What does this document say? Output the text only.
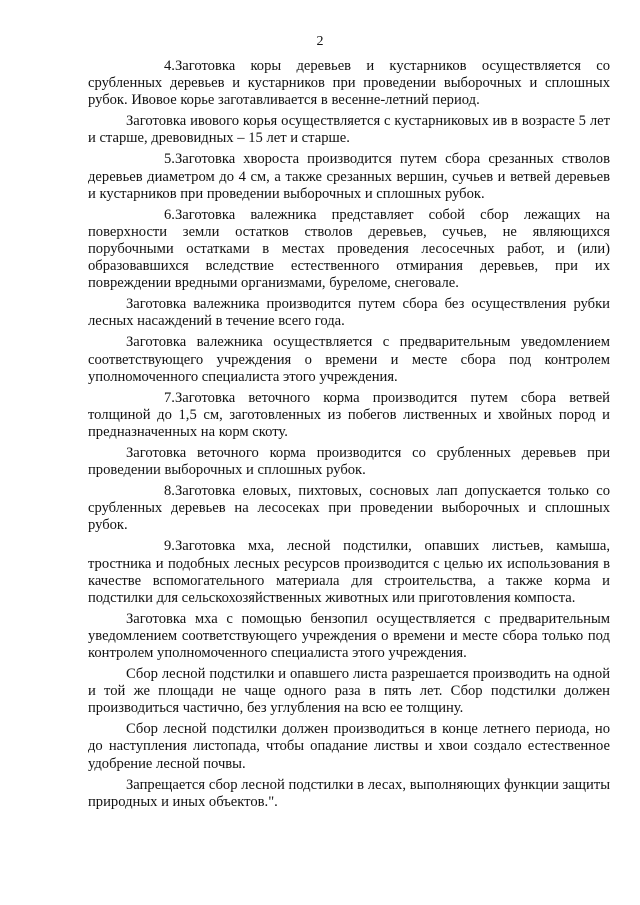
2

4.Заготовка коры деревьев и кустарников осуществляется со срубленных деревьев и кустарников при проведении выборочных и сплошных рубок. Ивовое корье заготавливается в весенне-летний период.

Заготовка ивового корья осуществляется с кустарниковых ив в возрасте 5 лет и старше, древовидных – 15 лет и старше.

5.Заготовка хвороста производится путем сбора срезанных стволов деревьев диаметром до 4 см, а также срезанных вершин, сучьев и ветвей деревьев и кустарников при проведении выборочных и сплошных рубок.

6.Заготовка валежника представляет собой сбор лежащих на поверхности земли остатков стволов деревьев, сучьев, не являющихся порубочными остатками в местах проведения лесосечных работ, и (или) образовавшихся вследствие естественного отмирания деревьев, при их повреждении вредными организмами, буреломе, снеговале.

Заготовка валежника производится путем сбора без осуществления рубки лесных насаждений в течение всего года.

Заготовка валежника осуществляется с предварительным уведомлением соответствующего учреждения о времени и месте сбора под контролем уполномоченного специалиста этого учреждения.

7.Заготовка веточного корма производится путем сбора ветвей толщиной до 1,5 см, заготовленных из побегов лиственных и хвойных пород и предназначенных на корм скоту.

Заготовка веточного корма производится со срубленных деревьев при проведении выборочных и сплошных рубок.

8.Заготовка еловых, пихтовых, сосновых лап допускается только со срубленных деревьев на лесосеках при проведении выборочных и сплошных рубок.

9.Заготовка мха, лесной подстилки, опавших листьев, камыша, тростника и подобных лесных ресурсов производится с целью их использования в качестве вспомогательного материала для строительства, а также корма и подстилки для сельскохозяйственных животных или приготовления компоста.

Заготовка мха с помощью бензопил осуществляется с предварительным уведомлением соответствующего учреждения о времени и месте сбора только под контролем уполномоченного специалиста этого учреждения.

Сбор лесной подстилки и опавшего листа разрешается производить на одной и той же площади не чаще одного раза в пять лет. Сбор подстилки должен производиться частично, без углубления на всю ее толщину.

Сбор лесной подстилки должен производиться в конце летнего периода, но до наступления листопада, чтобы опадание листвы и хвои создало естественное удобрение лесной почвы.

Запрещается сбор лесной подстилки в лесах, выполняющих функции защиты природных и иных объектов.".
